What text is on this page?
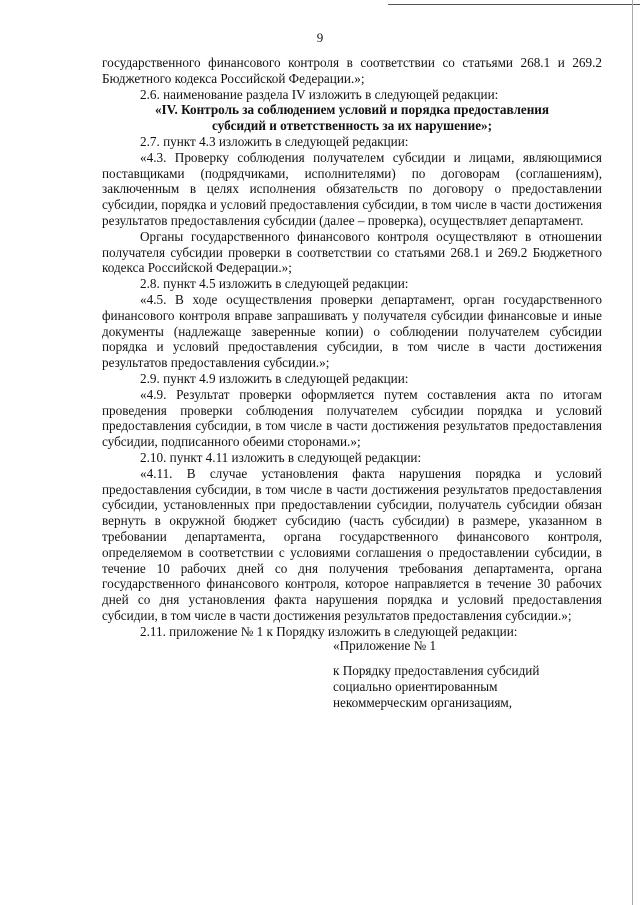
9

государственного финансового контроля в соответствии со статьями 268.1 и 269.2 Бюджетного кодекса Российской Федерации.»;

2.6. наименование раздела IV изложить в следующей редакции:

«IV. Контроль за соблюдением условий и порядка предоставления

субсидий и ответственность за их нарушение»;

2.7. пункт 4.3 изложить в следующей редакции:

«4.3. Проверку соблюдения получателем субсидии и лицами, являющимися поставщиками (подрядчиками, исполнителями) по договорам (соглашениям), заключенным в целях исполнения обязательств по договору о предоставлении субсидии, порядка и условий предоставления субсидии, в том числе в части достижения результатов предоставления субсидии (далее – проверка), осуществляет департамент.

Органы государственного финансового контроля осуществляют в отношении получателя субсидии проверки в соответствии со статьями 268.1 и 269.2 Бюджетного кодекса Российской Федерации.»;

2.8. пункт 4.5 изложить в следующей редакции:

«4.5. В ходе осуществления проверки департамент, орган государственного финансового контроля вправе запрашивать у получателя субсидии финансовые и иные документы (надлежаще заверенные копии) о соблюдении получателем субсидии порядка и условий предоставления субсидии, в том числе в части достижения результатов предоставления субсидии.»;

2.9. пункт 4.9 изложить в следующей редакции:

«4.9. Результат проверки оформляется путем составления акта по итогам проведения проверки соблюдения получателем субсидии порядка и условий предоставления субсидии, в том числе в части достижения результатов предоставления субсидии, подписанного обеими сторонами.»;

2.10. пункт 4.11 изложить в следующей редакции:

«4.11. В случае установления факта нарушения порядка и условий предоставления субсидии, в том числе в части достижения результатов предоставления субсидии, установленных при предоставлении субсидии, получатель субсидии обязан вернуть в окружной бюджет субсидию (часть субсидии) в размере, указанном в требовании департамента, органа государственного финансового контроля, определяемом в соответствии с условиями соглашения о предоставлении субсидии, в течение 10 рабочих дней со дня получения требования департамента, органа государственного финансового контроля, которое направляется в течение 30 рабочих дней со дня установления факта нарушения порядка и условий предоставления субсидии, в том числе в части достижения результатов предоставления субсидии.»;

2.11. приложение № 1 к Порядку изложить в следующей редакции:

«Приложение № 1
к Порядку предоставления субсидий
социально ориентированным
некоммерческим организациям,
